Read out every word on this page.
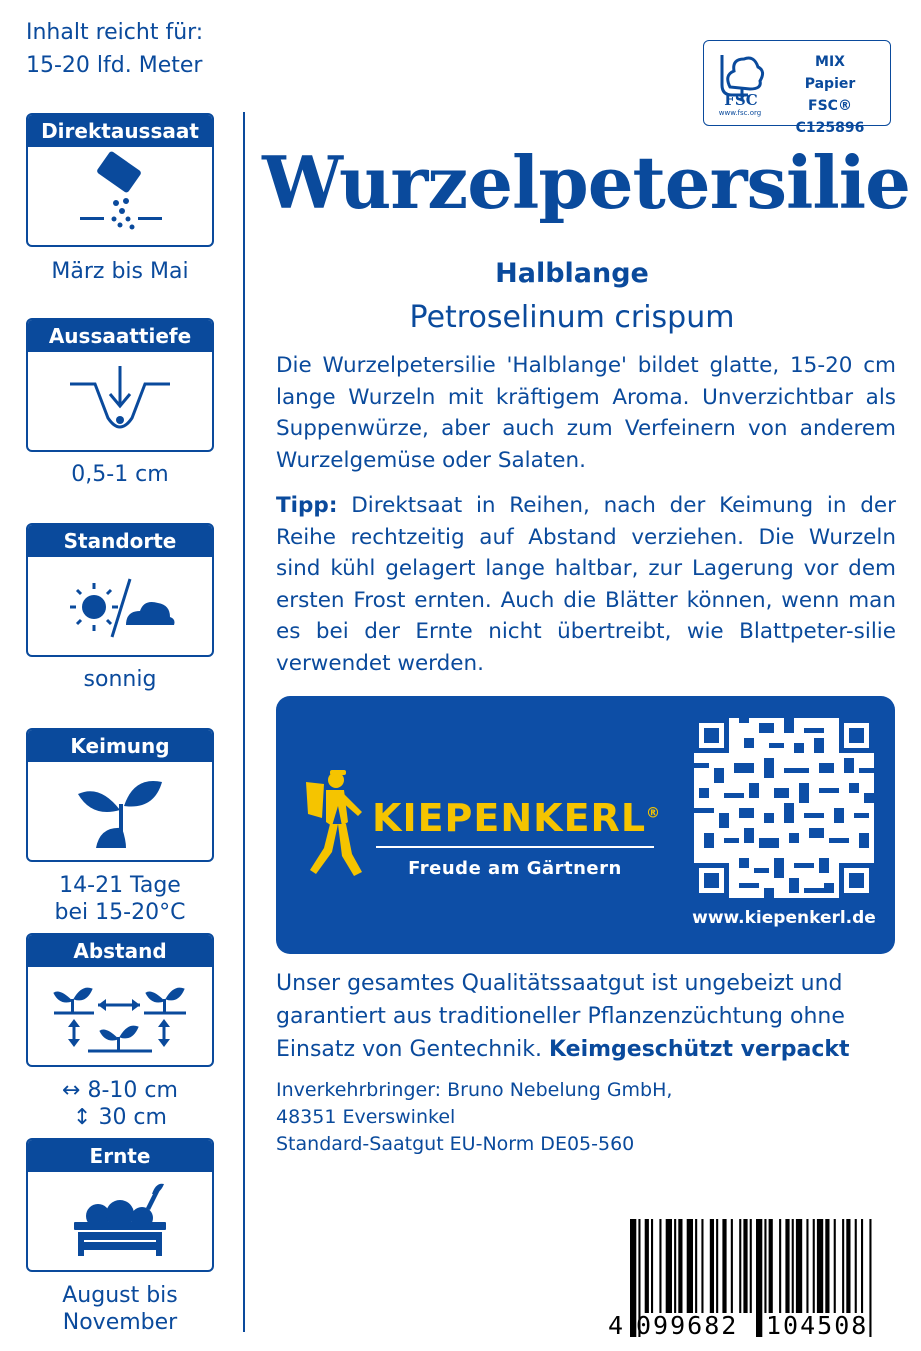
Inhalt reicht für:
15-20 lfd. Meter
Direktaussaat
März bis Mai
Aussaattiefe
0,5-1 cm
Standorte
sonnig
Keimung
14-21 Tage
bei 15-20°C
Abstand
↔ 8-10 cm
↕ 30 cm
Ernte
August bis
November
FSC
www.fsc.org
MIX
Papier
FSC® C125896
Wurzelpetersilie
Halblange
Petroselinum crispum
Die Wurzelpetersilie 'Halblange' bildet glatte, 15-20 cm lange Wurzeln mit kräftigem Aroma. Unverzichtbar als Suppenwürze, aber auch zum Verfeinern von anderem Wurzelgemüse oder Salaten.
Tipp: Direktsaat in Reihen, nach der Keimung in der Reihe rechtzeitig auf Abstand verziehen. Die Wurzeln sind kühl gelagert lange haltbar, zur Lagerung vor dem ersten Frost ernten. Auch die Blätter können, wenn man es bei der Ernte nicht übertreibt, wie Blattpeter-silie verwendet werden.
KIEPENKERL®
Freude am Gärtnern
www.kiepenkerl.de
Unser gesamtes Qualitätssaatgut ist ungebeizt und garantiert aus traditioneller Pflanzenzüchtung ohne Einsatz von Gentechnik. Keimgeschützt verpackt
Inverkehrbringer: Bruno Nebelung GmbH,
48351 Everswinkel
Standard-Saatgut EU-Norm DE05-560
4 099682 104508
